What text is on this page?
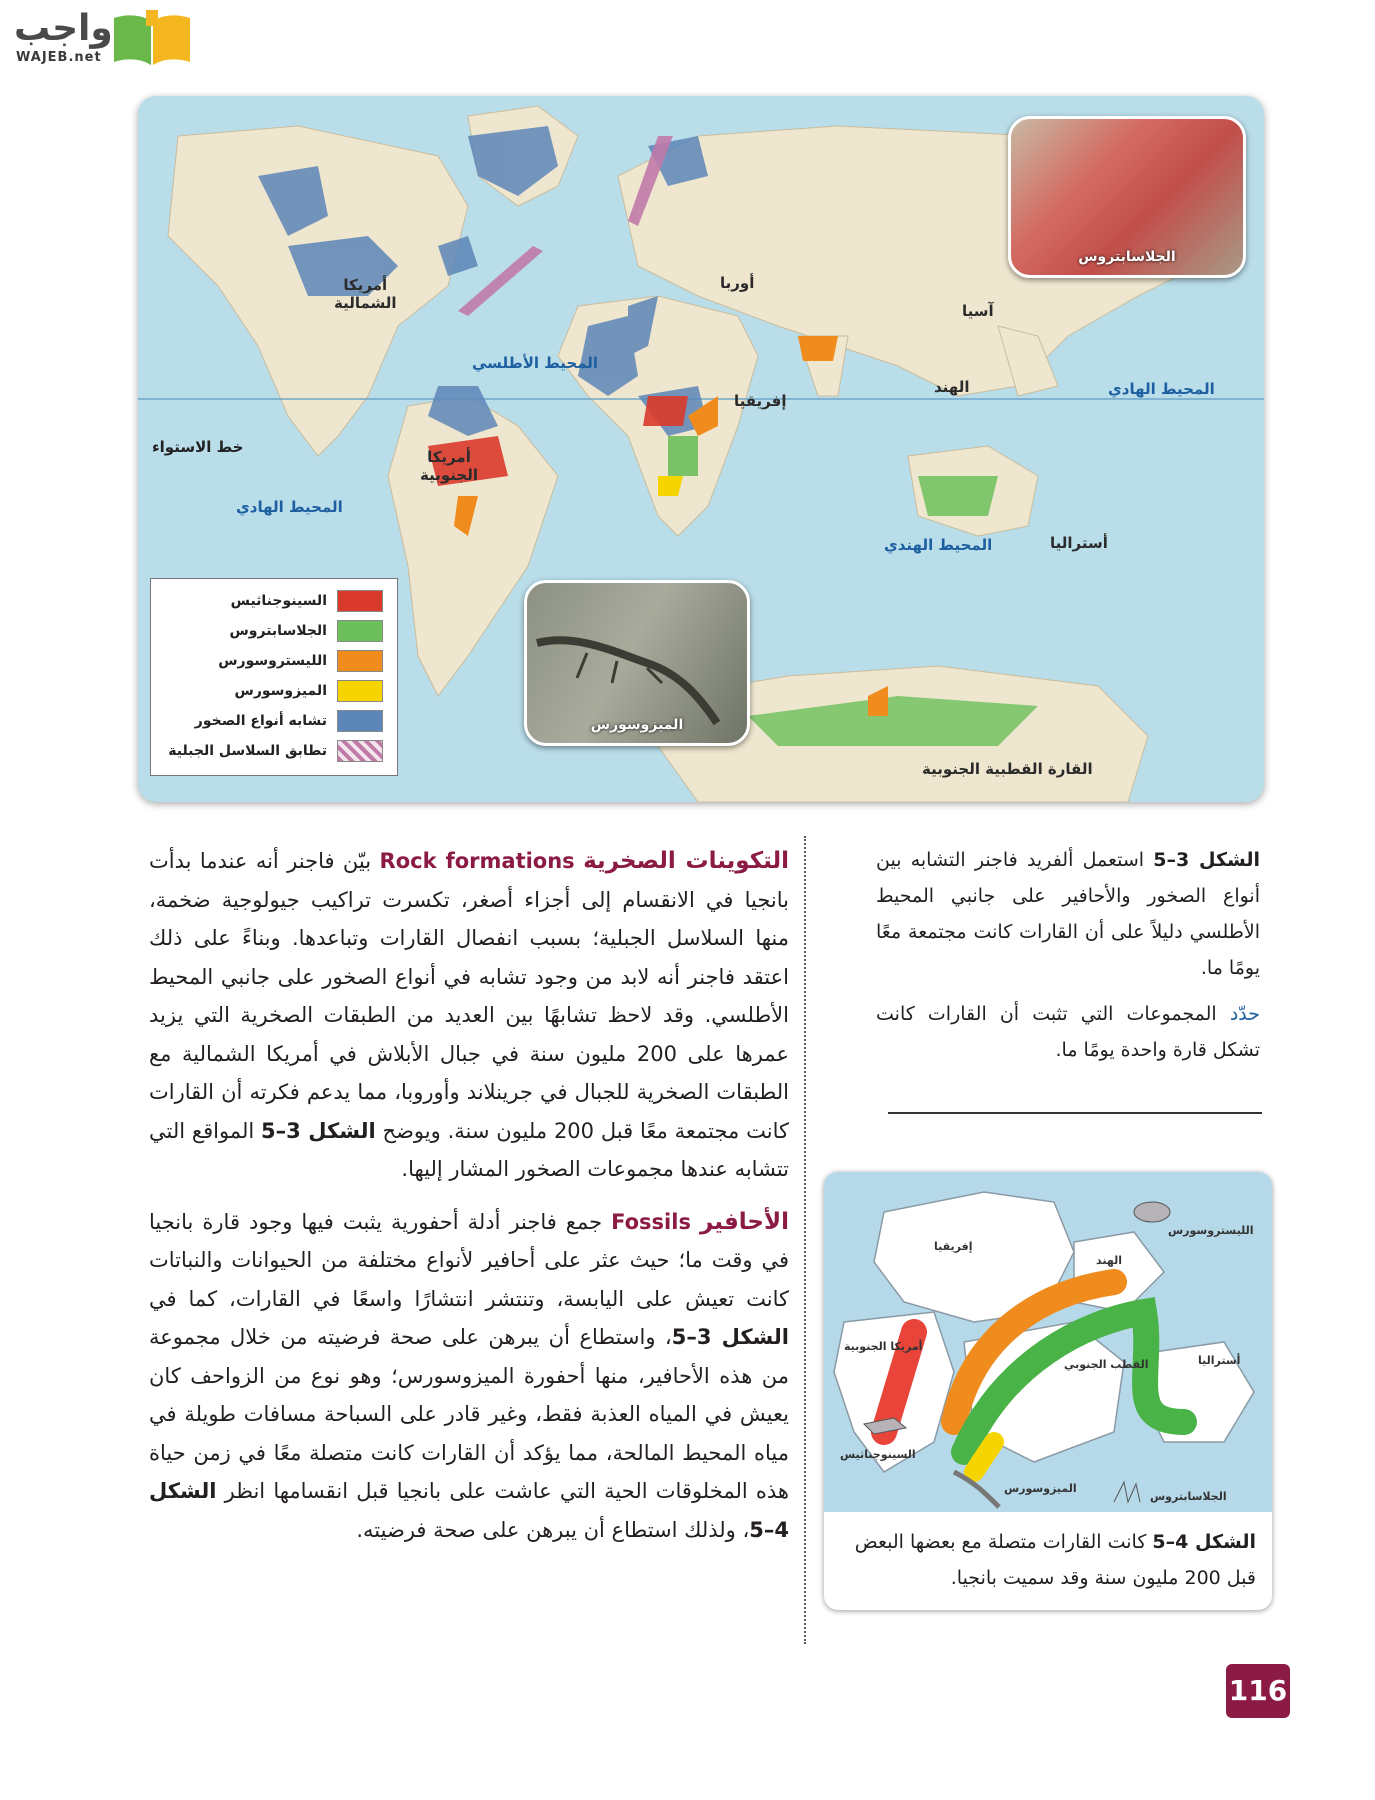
واجب
WAJEB.net
أمريكا
الشمالية
أمريكا
الجنوبية
أوربا
آسيا
إفريقيا
الهند
أستراليا
القارة القطبية الجنوبية
المحيط الأطلسي
المحيط الهادي
المحيط الهادي
المحيط الهندي
خط الاستواء
الجلاسابتروس
الميزوسورس
السينوجناثيس
الجلاسابتروس
الليستروسورس
الميزوسورس
تشابه أنواع الصخور
تطابق السلاسل الجبلية

التكوينات الصخرية Rock formations بيّن فاجنر أنه عندما بدأت بانجيا في الانقسام إلى أجزاء أصغر، تكسرت تراكيب جيولوجية ضخمة، منها السلاسل الجبلية؛ بسبب انفصال القارات وتباعدها. وبناءً على ذلك اعتقد فاجنر أنه لابد من وجود تشابه في أنواع الصخور على جانبي المحيط الأطلسي. وقد لاحظ تشابهًا بين العديد من الطبقات الصخرية التي يزيد عمرها على 200 مليون سنة في جبال الأبلاش في أمريكا الشمالية مع الطبقات الصخرية للجبال في جرينلاند وأوروبا، مما يدعم فكرته أن القارات كانت مجتمعة معًا قبل 200 مليون سنة. ويوضح الشكل 3–5 المواقع التي تتشابه عندها مجموعات الصخور المشار إليها.

الأحافير Fossils جمع فاجنر أدلة أحفورية يثبت فيها وجود قارة بانجيا في وقت ما؛ حيث عثر على أحافير لأنواع مختلفة من الحيوانات والنباتات كانت تعيش على اليابسة، وتنتشر انتشارًا واسعًا في القارات، كما في الشكل 3–5، واستطاع أن يبرهن على صحة فرضيته من خلال مجموعة من هذه الأحافير، منها أحفورة الميزوسورس؛ وهو نوع من الزواحف كان يعيش في المياه العذبة فقط، وغير قادر على السباحة مسافات طويلة في مياه المحيط المالحة، مما يؤكد أن القارات كانت متصلة معًا في زمن حياة هذه المخلوقات الحية التي عاشت على بانجيا قبل انقسامها انظر الشكل 4–5، ولذلك استطاع أن يبرهن على صحة فرضيته.

الشكل 3–5 استعمل ألفريد فاجنر التشابه بين أنواع الصخور والأحافير على جانبي المحيط الأطلسي دليلاً على أن القارات كانت مجتمعة معًا يومًا ما.

حدّد المجموعات التي تثبت أن القارات كانت تشكل قارة واحدة يومًا ما.

إفريقيا
الهند
الليستروسورس
أمريكا الجنوبية
القطب الجنوبي	أستراليا
السينوجناثيس
الميزوسورس
الجلاسابتروس
الشكل 4–5 كانت القارات متصلة مع بعضها البعض قبل 200 مليون سنة وقد سميت بانجيا.
116
